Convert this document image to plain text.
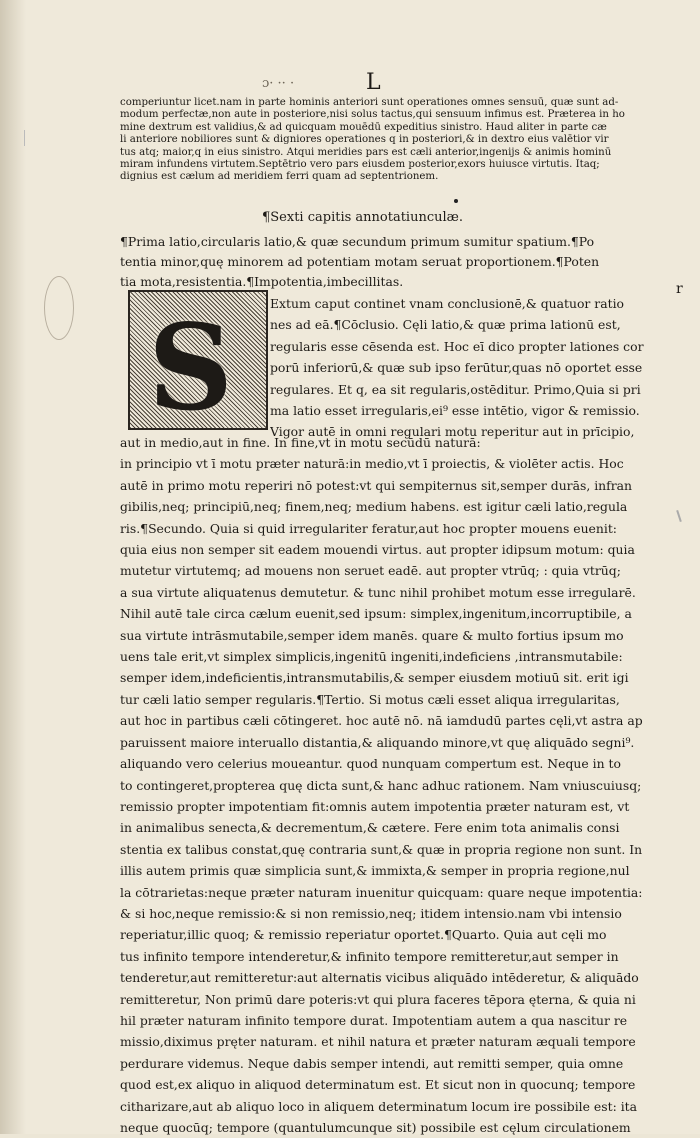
ɔ· ·· ·	L
comperiuntur licet.nam in parte hominis anteriori sunt operationes omnes sensuū, quæ sunt ad-
modum perfectæ,non aute in posteriore,nisi solus tactus,qui sensuum infimus est. Præterea in ho
mine dextrum est validius,& ad quicquam mouēdū expeditius sinistro. Haud aliter in parte cæ
li anteriore nobiliores sunt & digniores operationes q in posteriori,& in dextro eius valētior vir
tus atq; maior,q in eius sinistro. Atqui meridies pars est cæli anterior,ingenijs & animis hominū
miram infundens virtutem.Septētrio vero pars eiusdem posterior,exors huiusce virtutis. Itaq;
dignius est cælum ad meridiem ferri quam ad septentrionem.
¶Sexti capitis annotatiunculæ.
¶Prima latio,circularis latio,& quæ secundum primum sumitur spatium.¶Po
tentia minor,quę minorem ad potentiam motam seruat proportionem.¶Poten
tia mota,resistentia.¶Impotentia,imbecillitas.
S
r
Extum caput continet vnam conclusionē,& quatuor ratio
nes ad eā.¶Cōclusio. Cęli latio,& quæ prima lationū est,
regularis esse cēsenda est. Hoc eī dico propter lationes cor
porū inferiorū,& quæ sub ipso ferūtur,quas nō oportet esse
regulares. Et q, ea sit regularis,ostēditur. Primo,Quia si pri
ma latio esset irregularis,ei⁹ esse intētio, vigor & remissio.
Vigor autē in omni regulari motu reperitur aut in prīcipio,
aut in medio,aut in fine. In fine,vt in motu secūdū naturā:
in principio vt ī motu præter naturā:in medio,vt ī proiectis, & violēter actis. Hoc
autē in primo motu reperiri nō potest:vt qui sempiternus sit,semper durās, infran
gibilis,neq; principiū,neq; finem,neq; medium habens. est igitur cæli latio,regula
ris.¶Secundo. Quia si quid irregulariter feratur,aut hoc propter mouens euenit:
quia eius non semper sit eadem mouendi virtus. aut propter idipsum motum: quia
mutetur virtutemq; ad mouens non seruet eadē. aut propter vtrūq; : quia vtrūq;
a sua virtute aliquatenus demutetur. & tunc nihil prohibet motum esse irregularē.
Nihil autē tale circa cælum euenit,sed ipsum: simplex,ingenitum,incorruptibile, a
sua virtute intrāsmutabile,semper idem manēs. quare & multo fortius ipsum mo
uens tale erit,vt simplex simplicis,ingenitū ingeniti,indeficiens ,intransmutabile:
semper idem,indeficientis,intransmutabilis,& semper eiusdem motiuū sit. erit igi
tur cæli latio semper regularis.¶Tertio. Si motus cæli esset aliqua irregularitas,
aut hoc in partibus cæli cōtingeret. hoc autē nō. nā iamdudū partes cęli,vt astra ap
paruissent maiore interuallo distantia,& aliquando minore,vt quę aliquādo segni⁹.
aliquando vero celerius moueantur. quod nunquam compertum est. Neque in to
to contingeret,propterea quę dicta sunt,& hanc adhuc rationem. Nam vniuscuiusq;
remissio propter impotentiam fit:omnis autem impotentia præter naturam est, vt
in animalibus senecta,& decrementum,& cætere. Fere enim tota animalis consi
stentia ex talibus constat,quę contraria sunt,& quæ in propria regione non sunt. In
illis autem primis quæ simplicia sunt,& immixta,& semper in propria regione,nul
la cōtrarietas:neque præter naturam inuenitur quicquam: quare neque impotentia:
& si hoc,neque remissio:& si non remissio,neq; itidem intensio.nam vbi intensio
reperiatur,illic quoq; & remissio reperiatur oportet.¶Quarto. Quia aut cęli mo
tus infinito tempore intenderetur,& infinito tempore remitteretur,aut semper in
tenderetur,aut remitteretur:aut alternatis vicibus aliquādo intēderetur, & aliquādo
remitteretur, Non primū dare poteris:vt qui plura faceres tēpora ęterna, & quia ni
hil præter naturam infinito tempore durat. Impotentiam autem a qua nascitur re
missio,diximus pręter naturam. et nihil natura et præter naturam æquali tempore
perdurare videmus. Neque dabis semper intendi, aut remitti semper, quia omne
quod est,ex aliquo in aliquod determinatum est. Et sicut non in quocunq; tempore
citharizare,aut ab aliquo loco in aliquem determinatum locum ire possibile est: ita
neque quocūq; tempore (quantulumcunque sit) possibile est cęlum circulationem
